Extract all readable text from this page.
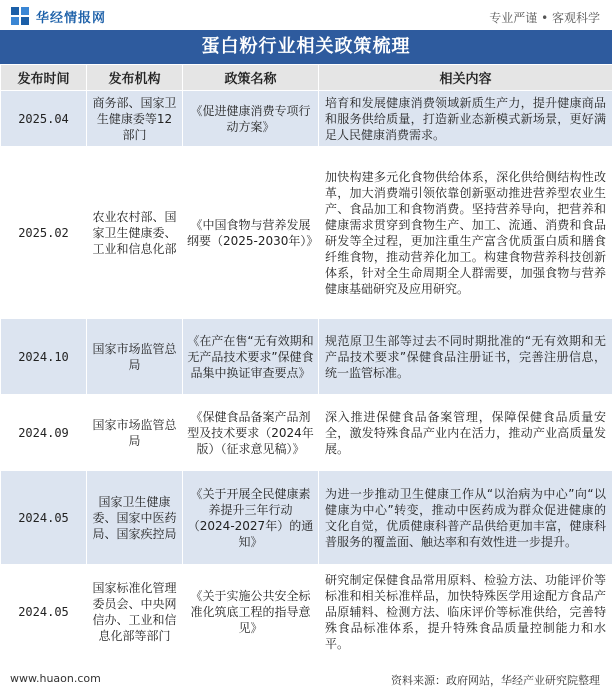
华经情报网	专业严谨 • 客观科学
蛋白粉行业相关政策梳理
发布时间	发布机构	政策名称	相关内容
2025.04	商务部、国家卫生健康委等12部门	《促进健康消费专项行动方案》	培育和发展健康消费领域新质生产力，提升健康商品和服务供给质量，打造新业态新模式新场景，更好满足人民健康消费需求。
2025.02	农业农村部、国家卫生健康委、工业和信息化部	《中国食物与营养发展纲要（2025-2030年）》	加快构建多元化食物供给体系，深化供给侧结构性改革，加大消费端引领依靠创新驱动推进营养型农业生产、食品加工和食物消费。坚持营养导向，把营养和健康需求贯穿到食物生产、加工、流通、消费和食品研发等全过程，更加注重生产富含优质蛋白质和膳食纤维食物，推动营养化加工。构建食物营养科技创新体系，针对全生命周期全人群需要，加强食物与营养健康基础研究及应用研究。
2024.10	国家市场监管总局	《在产在售“无有效期和无产品技术要求”保健食品集中换证审查要点》	规范原卫生部等过去不同时期批准的“无有效期和无产品技术要求”保健食品注册证书，完善注册信息，统一监管标准。
2024.09	国家市场监管总局	《保健食品备案产品剂型及技术要求（2024年版）（征求意见稿）》	深入推进保健食品备案管理，保障保健食品质量安全，激发特殊食品产业内在活力，推动产业高质量发展。
2024.05	国家卫生健康委、国家中医药局、国家疾控局	《关于开展全民健康素养提升三年行动（2024-2027年）的通知》	为进一步推动卫生健康工作从“以治病为中心”向“以健康为中心”转变，推动中医药成为群众促进健康的文化自觉，优质健康科普产品供给更加丰富，健康科普服务的覆盖面、触达率和有效性进一步提升。
2024.05	国家标准化管理委员会、中央网信办、工业和信息化部等部门	《关于实施公共安全标准化筑底工程的指导意见》	研究制定保健食品常用原料、检验方法、功能评价等标准和相关标准样品，加快特殊医学用途配方食品产品原辅料、检测方法、临床评价等标准供给，完善特殊食品标准体系，提升特殊食品质量控制能力和水平。
www.huaon.com	资料来源：政府网站，华经产业研究院整理
